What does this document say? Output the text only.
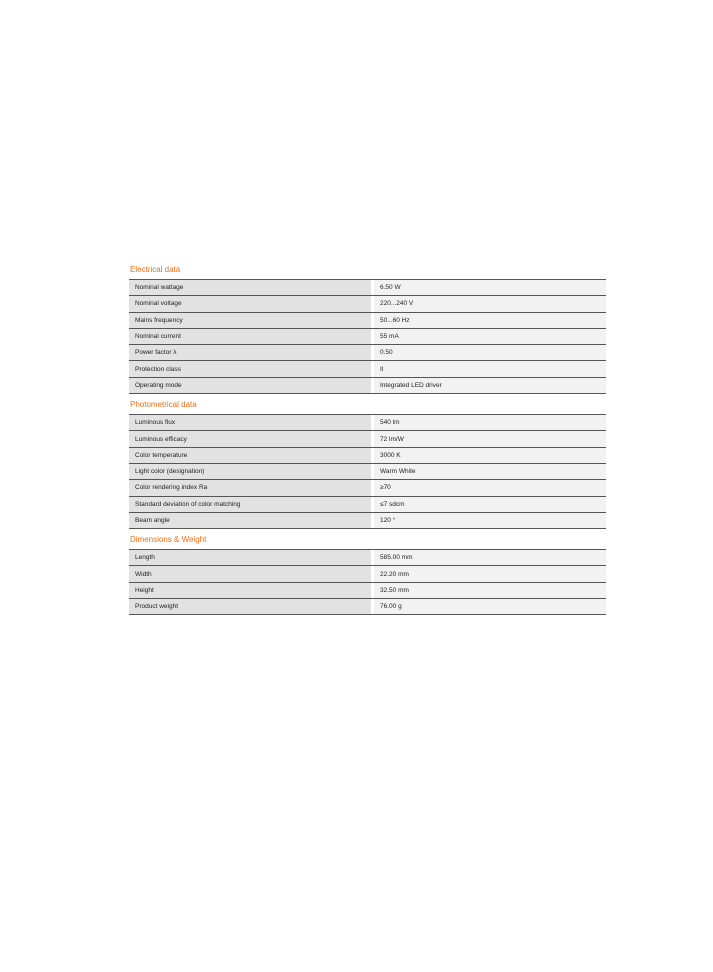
Electrical data
Nominal wattage		6.50 W
Nominal voltage		220...240 V
Mains frequency		50...60 Hz
Nominal current		55 mA
Power factor λ		0.50
Protection class		II
Operating mode		Integrated LED driver
Photometrical data
Luminous flux		540 lm
Luminous efficacy		72 lm/W
Color temperature		3000 K
Light color (designation)		Warm White
Color rendering index Ra		≥70
Standard deviation of color matching		≤7 sdcm
Beam angle		120 °
Dimensions & Weight
Length		585.00 mm
Width		22.20 mm
Height		32.50 mm
Product weight		76.00 g
